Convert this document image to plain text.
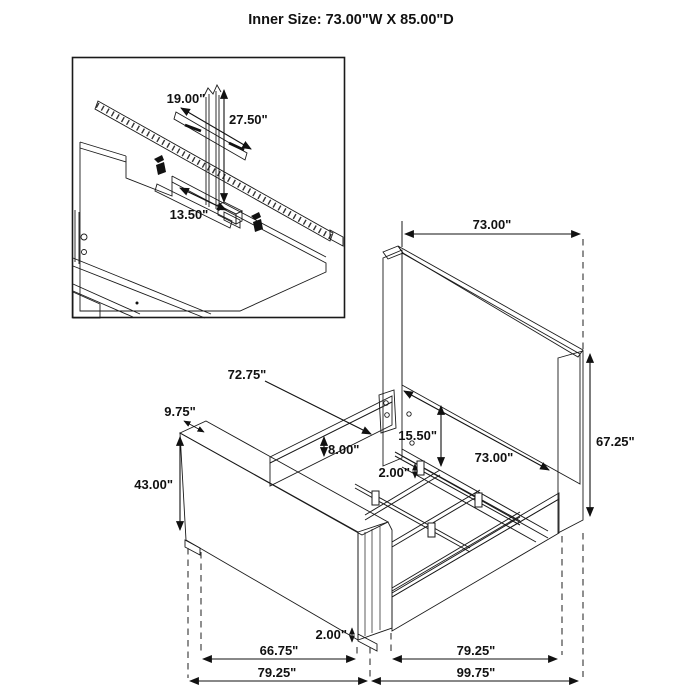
Inner Size: 73.00"W X 85.00"D
19.00"
27.50"
13.50"
73.00"
67.25"
15.50"
73.00"
72.75"
8.00"
2.00"
9.75"
43.00"
2.00"
66.75"
79.25"
79.25"
99.75"
